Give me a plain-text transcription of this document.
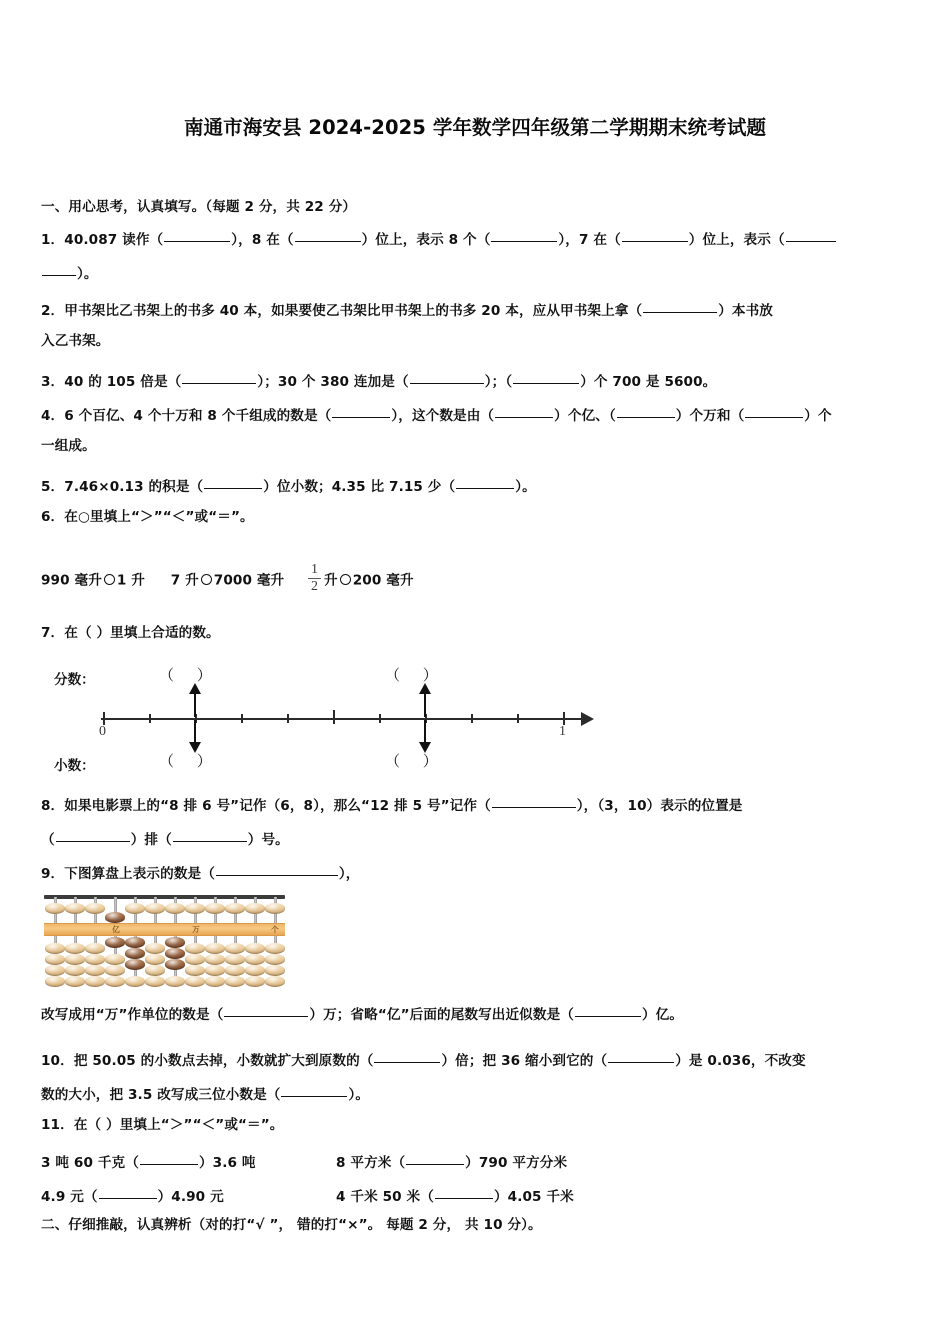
南通市海安县 2024-2025 学年数学四年级第二学期期末统考试题
一、用心思考，认真填写。（每题 2 分，共 22 分）
1．40.087 读作（	），8 在（	）位上，表示 8 个（	），7 在（	）位上，表示（
）。
2．甲书架比乙书架上的书多 40 本，如果要使乙书架比甲书架上的书多 20 本，应从甲书架上拿（	）本书放
入乙书架。
3．40 的 105 倍是（	）；30 个 380 连加是（	）；（	）个 700 是 5600。
4．6 个百亿、4 个十万和 8 个千组成的数是（	），这个数是由（	）个亿、（	）个万和（	）个
一组成。
5．7.46×0.13 的积是（	）位小数；4.35 比 7.15 少（	）。
6．在○里填上“＞”“＜”或“＝”。
990 毫升 1 升 7 升 7000 毫升 $\frac{1}{2}$ 升 200 毫升
7．在（ ）里填上合适的数。
分数：
小数：
（ ）	（ ）
（ ）	（ ）
0	1
8．如果电影票上的“8 排 6 号”记作（6，8），那么“12 排 5 号”记作（	），（3，10）表示的位置是
（	）排（	）号。
9．下图算盘上表示的数是（	），
亿	万	个
改写成用“万”作单位的数是（	）万；省略“亿”后面的尾数写出近似数是（	）亿。
10．把 50.05 的小数点去掉，小数就扩大到原数的（	）倍；把 36 缩小到它的（	）是 0.036，不改变
数的大小，把 3.5 改写成三位小数是（	）。
11．在（ ）里填上“＞”“＜”或“＝”。
3 吨 60 千克（	）3.6 吨	8 平方米（	）790 平方分米
4.9 元（	）4.90 元	4 千米 50 米（	）4.05 千米
二、仔细推敲，认真辨析（对的打“√ ”， 错的打“×”。 每题 2 分， 共 10 分）。
